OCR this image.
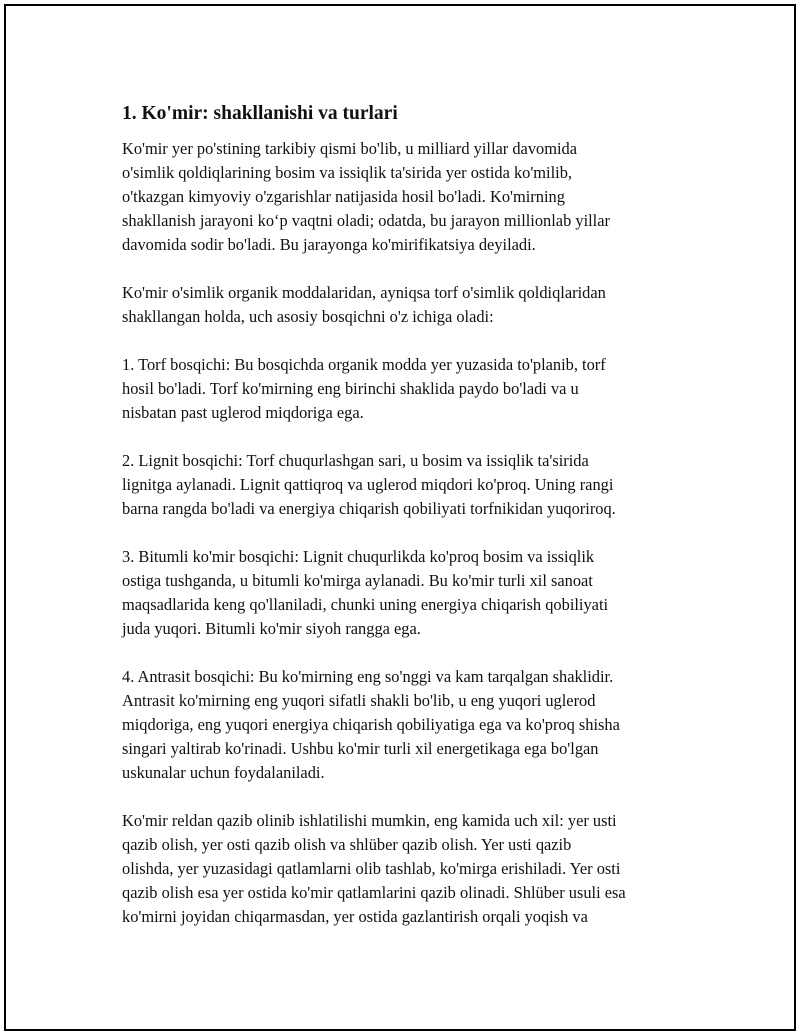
1. Ko'mir: shakllanishi va turlari
Ko'mir yer po'stining tarkibiy qismi bo'lib, u milliard yillar davomida
o'simlik qoldiqlarining bosim va issiqlik ta'sirida yer ostida ko'milib,
o'tkazgan kimyoviy o'zgarishlar natijasida hosil bo'ladi. Ko'mirning
shakllanish jarayoni ko‘p vaqtni oladi; odatda, bu jarayon millionlab yillar
davomida sodir bo'ladi. Bu jarayonga ko'mirifikatsiya deyiladi.
Ko'mir o'simlik organik moddalaridan, ayniqsa torf o'simlik qoldiqlaridan
shakllangan holda, uch asosiy bosqichni o'z ichiga oladi:
1. Torf bosqichi: Bu bosqichda organik modda yer yuzasida to'planib, torf
hosil bo'ladi. Torf ko'mirning eng birinchi shaklida paydo bo'ladi va u
nisbatan past uglerod miqdoriga ega.
2. Lignit bosqichi: Torf chuqurlashgan sari, u bosim va issiqlik ta'sirida
lignitga aylanadi. Lignit qattiqroq va uglerod miqdori ko'proq. Uning rangi
barna rangda bo'ladi va energiya chiqarish qobiliyati torfnikidan yuqoriroq.
3. Bitumli ko'mir bosqichi: Lignit chuqurlikda ko'proq bosim va issiqlik
ostiga tushganda, u bitumli ko'mirga aylanadi. Bu ko'mir turli xil sanoat
maqsadlarida keng qo'llaniladi, chunki uning energiya chiqarish qobiliyati
juda yuqori. Bitumli ko'mir siyoh rangga ega.
4. Antrasit bosqichi: Bu ko'mirning eng so'nggi va kam tarqalgan shaklidir.
Antrasit ko'mirning eng yuqori sifatli shakli bo'lib, u eng yuqori uglerod
miqdoriga, eng yuqori energiya chiqarish qobiliyatiga ega va ko'proq shisha
singari yaltirab ko'rinadi. Ushbu ko'mir turli xil energetikaga ega bo'lgan
uskunalar uchun foydalaniladi.
Ko'mir reldan qazib olinib ishlatilishi mumkin, eng kamida uch xil: yer usti
qazib olish, yer osti qazib olish va shlüber qazib olish. Yer usti qazib
olishda, yer yuzasidagi qatlamlarni olib tashlab, ko'mirga erishiladi. Yer osti
qazib olish esa yer ostida ko'mir qatlamlarini qazib olinadi. Shlüber usuli esa
ko'mirni joyidan chiqarmasdan, yer ostida gazlantirish orqali yoqish va
